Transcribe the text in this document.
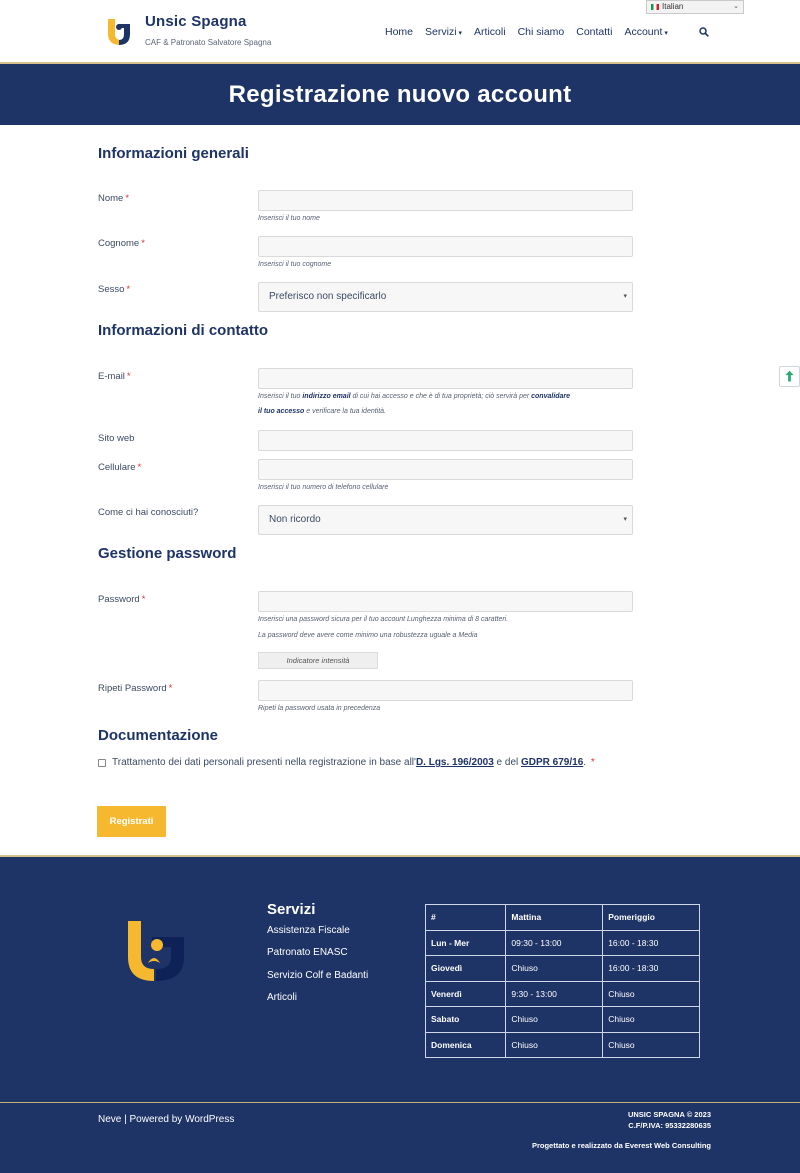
Unsic Spagna
CAF & Patronato Salvatore Spagna
Italian	⌄
Home Servizi ▾ Articoli Chi siamo Contatti Account ▾
Registrazione nuovo account
Informazioni generali
Nome *
Inserisci il tuo nome
Cognome *
Inserisci il tuo cognome
Sesso *
Preferisco non specificarlo	▾
Informazioni di contatto
E-mail *
Inserisci il tuo indirizzo email di cui hai accesso e che è di tua proprietà; ciò servirà per convalidare
il tuo accesso e verificare la tua identità.
Sito web
Cellulare *
Inserisci il tuo numero di telefono cellulare
Come ci hai conosciuti?
Non ricordo	▾
Gestione password
Password *
Inserisci una password sicura per il tuo account Lunghezza minima di 8 caratteri.
La password deve avere come minimo una robustezza uguale a Media
Indicatore intensità
Ripeti Password *
Ripeti la password usata in precedenza
Documentazione
Trattamento dei dati personali presenti nella registrazione in base all'D. Lgs. 196/2003 e del GDPR 679/16. *
Registrati
Servizi
Assistenza Fiscale
Patronato ENASC
Servizio Colf e Badanti
Articoli
#	Mattina	Pomeriggio
Lun - Mer	09:30 - 13:00	16:00 - 18:30
Giovedì	Chiuso	16:00 - 18:30
Venerdì	9:30 - 13:00	Chiuso
Sabato	Chiuso	Chiuso
Domenica	Chiuso	Chiuso
Neve | Powered by WordPress	UNSIC SPAGNA © 2023
C.F/P.IVA: 95332280635
Progettato e realizzato da Everest Web Consulting
